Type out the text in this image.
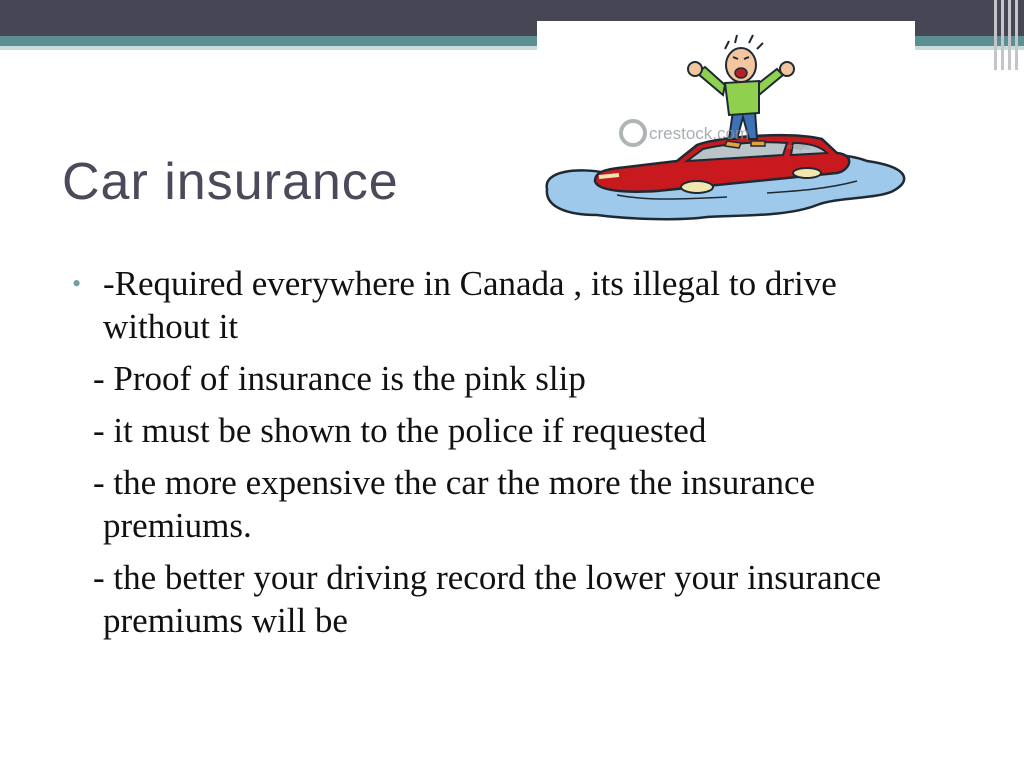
crestock.com
images
Car insurance
• -Required everywhere in Canada , its illegal to drive without it
- Proof of insurance is the pink slip
- it must be shown to the police if requested
- the more expensive the car the more the insurance premiums.
- the better your driving record the lower your insurance premiums will be
